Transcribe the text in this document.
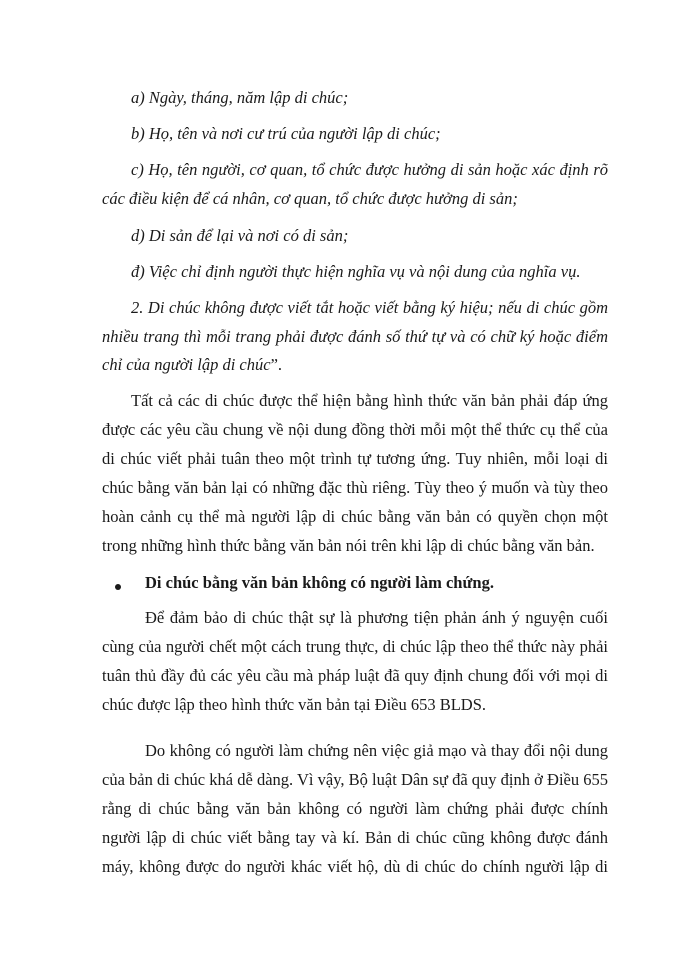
a) Ngày, tháng, năm lập di chúc;
b) Họ, tên và nơi cư trú của người lập di chúc;
c) Họ, tên người, cơ quan, tổ chức được hưởng di sản hoặc xác định rõ
các điều kiện để cá nhân, cơ quan, tổ chức được hưởng di sản;
d) Di sản để lại và nơi có di sản;
đ) Việc chỉ định người thực hiện nghĩa vụ và nội dung của nghĩa vụ.
2. Di chúc không được viết tắt hoặc viết bằng ký hiệu; nếu di chúc gồm
nhiều trang thì mỗi trang phải được đánh số thứ tự và có chữ ký hoặc điểm
chỉ của người lập di chúc”.
Tất cả các di chúc được thể hiện bằng hình thức văn bản phải đáp ứng
được các yêu cầu chung về nội dung đồng thời mỗi một thể thức cụ thể của
di chúc viết phải tuân theo một trình tự tương ứng. Tuy nhiên, mỗi loại di
chúc bằng văn bản lại có những đặc thù riêng. Tùy theo ý muốn và tùy theo
hoàn cảnh cụ thể mà người lập di chúc bằng văn bản có quyền chọn một
trong những hình thức bằng văn bản nói trên khi lập di chúc bằng văn bản.
Di chúc bằng văn bản không có người làm chứng.
Để đảm bảo di chúc thật sự là phương tiện phản ánh ý nguyện cuối
cùng của người chết một cách trung thực, di chúc lập theo thể thức này phải
tuân thủ đầy đủ các yêu cầu mà pháp luật đã quy định chung đối với mọi di
chúc được lập theo hình thức văn bản tại Điều 653 BLDS.
Do không có người làm chứng nên việc giả mạo và thay đổi nội dung
của bản di chúc khá dễ dàng. Vì vậy, Bộ luật Dân sự đã quy định ở Điều 655
rằng di chúc bằng văn bản không có người làm chứng phải được chính
người lập di chúc viết bằng tay và kí. Bản di chúc cũng không được đánh
máy, không được do người khác viết hộ, dù di chúc do chính người lập di
